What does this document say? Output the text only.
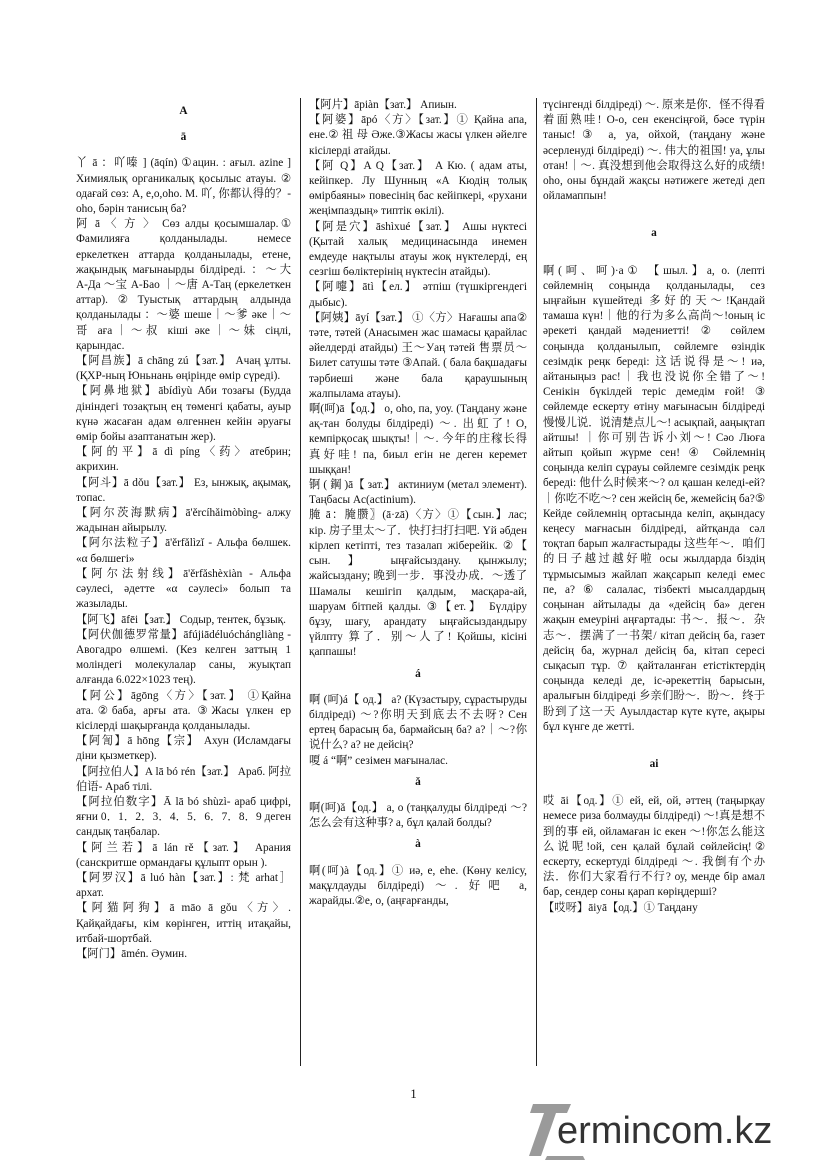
A
ā
丫 ā ：吖嗪 ] (āqín) ①ацин. : ағыл. azine ] Химиялық органикалық қосылыс атауы. ② одағай сөз: A, е,о,oho. M. 吖, 你都认得的？- oho, бәрін танисың ба?
阿 ā 〈 方 〉 Сөз алды қосымшалар.① Фамилияға қолданылады. немесе еркелеткен аттарда қолданылады, етене, жақындық мағынаырды білдіреді. ：～大 А-Да ～宝 А-Бао ｜～唐 А-Таң (еркелеткен аттар).②Туыстық аттардың алдында қолданылады ：～婆 шеше｜～爹 әке｜～哥 аға｜～叔 кіші әке｜～妹 сіңлі, қарындас.
【阿昌族】ā chāng zú【зат.】 Ачаң ұлты. (ҚХР-ның Юньнань өңірінде өмір сүреді).
【阿鼻地狱】ābídìyù Аби тозағы (Будда дініндегі тозақтың ең төменгі қабаты, ауыр күнә жасаған адам өлгеннен кейін әруағы өмір бойы азаптанатын жер).
【阿的平】ā dì píng〈药〉атебрин; акрихин.
【阿斗】ā dǒu【зат.】 Ез, ынжық, ақымақ, топас.
【阿尔茨海默病】ā'ěrcíhǎimòbìng- алжу жадынан айырылу.
【阿尔法粒子】ā'ěrfǎlìzǐ - Альфа бөлшек. «α бөлшегі»
【阿尔法射线】ā'ěrfǎshèxiàn - Альфа сәулесі, әдетте «α сәулесі» болып та жазылады.
【阿飞】āfēi【зат.】 Содыр, тентек, бұзық.
【阿伏伽德罗常量】āfújiādéluóchángliàng - Авогадро өлшемі. (Кез келген заттың 1 моліндегі молекулалар саны, жуықтап алғанда 6.022×1023 тең).
【阿公】āgōng〈方〉【зат.】 ①Қайна ата.②баба, арғы ата. ③Жасы үлкен ер кісілерді шақырғанда қолданылады.
【阿訇】ā hōng【宗】 Ахун (Исламдағы діни қызметкер).
【阿拉伯人】A lā bó rén【зат.】 Араб. 阿拉伯语- Араб тілі.
【阿拉伯数字】Ā lā bó shùzì- араб цифрі, яғни 0．1．2．3．4．5．6．7．8．9 деген сандық таңбалар.
【阿兰若】ā lán rě【зат.】 Арания (санскритше ормандағы құлыпт орын ).
【阿罗汉】ā luó hàn【зат.】: 梵 arhat］архат.
【阿猫阿狗】ā māo ā gǒu〈方〉. Қайқайдағы, кім көрінген, иттің итақайы, итбай-шортбай.
【阿门】āmén. Әумин.
【阿片】āpiàn【зат.】 Апиын.
【阿婆】āpó〈方〉【зат.】① Қайна апа, ене.② 祖 母 Әже.③Жасы жасы үлкен әйелге кісілерді атайды.
【阿 Q】A Q【зат.】 A Кю. ( адам аты, кейіпкер. Лу Шунның «А Кюдің толық өмірбаяны» повесінің бас кейіпкері, «рухани жеңімпаздың» типтік өкілі).
【阿是穴】āshìxué【зат.】 Ашы нүктесі (Қытай халық медицинасында инемен емдеуде нақтылы атауы жоқ нүктелерді, ең сезгіш бөліктерінің нүктесін атайды).
【阿嚏】ātì【ел.】 әтпіш (түшкіргендегі дыбыс).
【阿姨】āyí【зат.】 ①〈方〉Нағашы апа② тәте, тәтей (Анасымен жас шамасы қарайлас әйелдерді атайды) 王～Уаң тәтей 售票员～Билет сатушы тәте ③Апай. ( бала бақшадағы тәрбиеші және бала қараушының жалпылама атауы).
啊(呵)ā【од.】 о, oho, па, уоу. (Таңдану және ақ-тан болуды білдіреді) ～. 出虹了! О, кемпірқосақ шықты!｜～. 今年的庄稼长得真好哇! па, биыл егін не деген керемет шыққан!
锕 ( 鋼 )ā【 зат.】 актиниум (метал элемент). Таңбасы Ac(actinium).
腌 ā：腌臜〗(ā·zā)〈方〉①【сын.】лас; кір. 房子里太～了．快打扫打扫吧. Үй әбден кірлеп кетіпті, тез тазалап жіберейік. ②【 сын. 】 ыңғайсыздану. қынжылу; жайсыздану; 晚到一步．事没办成．～透了 Шамалы кешігіп қалдым, масқара-ай, шаруам бітпей қалды. ③【ет.】 Бүлдіру бұзу, шағу, арандату ыңғайсыздандыру үйлпту 算了．别～人了! Қойшы, кісіні қаппашы!
á
啊 (呵)á【 од.】 а? (Күзастыру, сұрастыруды білдіреді) ～?你明天到底去不去呀? Сен ертең барасың ба, бармайсың ба? а?｜～?你说什么? а? не дейсің?
嗄 á “啊” сезімен мағыналас.
ǎ
啊(呵)ǎ【од.】 а, о (таңқалуды білдіреді ～? 怎么会有这种事? а, бұл қалай болды?
à
啊(呵)à【од.】① иә, е, ehe. (Көну келісу, мақұлдауды білдіреді) ～. 好吧 а, жарайды.②е, о, (аңғарғанды,
түсінгенді білдіреді) ～. 原来是你．怪不得看着面熟哇! О-о, сен екенсіңғой, бәсе түрін таныс!③ а, уа, ойхой, (таңдану және әсерленуді білдіреді) ～. 伟大的祖国! уа, ұлы отан!｜～. 真没想到他会取得这么好的成绩! oho, оны бұндай жақсы нәтижеге жетеді деп ойламаппын!
a
啊(呵、呵)·a① 【шыл.】а, о. (лепті сөйлемнің соңында қолданылады, сез ыңғайын күшейтеді 多好的天～!Қандай тамаша күн!｜他的行为多么高尚～!оның іс әрекеті қандай мәдениетті! ② сөйлем соңында қолданылып, сөйлемге өзіндік сезімдік реңк береді: 这话说得是～! иә, айтаныңыз рас!｜我也没说你全错了～! Сенікін бүкілдей теріс демедім ғой! ③ сөйлемде ескерту өтіну мағынасын білдіреді 慢慢儿说．说清楚点儿～! асықпай, ааңықтап айтшы! ｜你可别告诉小刘～! Сәо Люға айтып қойып жүрме сен! ④ Сөйлемнің соңында келіп сұрауы сөйлемге сезімдік реңк береді: 他什么时候来～? ол қашан келеді-ей?｜你吃不吃～? сен жейсің бе, жемейсің ба?⑤ Кейде сөйлемнің ортасында келіп, ақындасу кеңесу мағнасын білдіреді, айтқанда сәл тоқтап барып жалғастырады 这些年～．咱们的日子越过越好啦 осы жылдарда біздің тұрмысымыз жайлап жақсарып келеді емес пе, а? ⑥ салалас, тізбекті мысалдардың соңынан айтылады да «дейсің ба» деген жақын емеуріні аңғартады: 书～．报～．杂志～．摆满了一书架/ кітап дейсің ба, газет дейсің ба, журнал дейсің ба, кітап сересі сықасып тұр. ⑦ қайталанған етістіктердің соңында келеді де, іс-әрекеттің барысын, аралығын білдіреді 乡亲们盼～．盼～．终于盼到了这一天 Ауылдастар күте күте, ақыры бұл күнге де жетті.
ai
哎 āi【од.】① ей, ей, ой, әттең (таңырқау немесе риза болмауды білдіреді) ～!真是想不到的事 ей, ойламаған іс екен ～!你怎么能这么说呢!ой, сен қалай бұлай сөйлейсің!② ескерту, ескертуді білдіреді ～. 我倒有个办法．你们大家看行不行? оу, менде бір амал бар, сендер соны қарап көріңдерші?
【哎呀】āiyā【од.】① Таңдану
1
ermincom.kz
